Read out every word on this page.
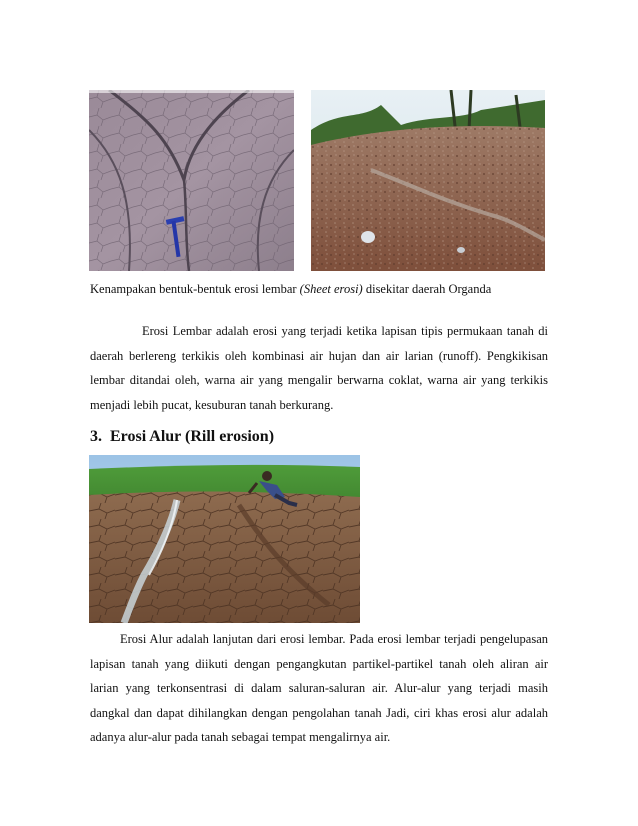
Kenampakan bentuk-bentuk erosi lembar (Sheet erosi) disekitar daerah Organda

Erosi Lembar adalah erosi yang terjadi ketika lapisan tipis permukaan tanah di daerah berlereng terkikis oleh kombinasi air hujan dan air larian (runoff). Pengkikisan lembar ditandai oleh, warna air yang mengalir berwarna coklat, warna air yang terkikis menjadi lebih pucat, kesuburan tanah berkurang.

3. Erosi Alur (Rill erosion)

Erosi Alur adalah lanjutan dari erosi lembar. Pada erosi lembar terjadi pengelupasan lapisan tanah yang diikuti dengan pengangkutan partikel-partikel tanah oleh aliran air larian yang terkonsentrasi di dalam saluran-saluran air. Alur-alur yang terjadi masih dangkal dan dapat dihilangkan dengan pengolahan tanah Jadi, ciri khas erosi alur adalah adanya alur-alur pada tanah sebagai tempat mengalirnya air.
